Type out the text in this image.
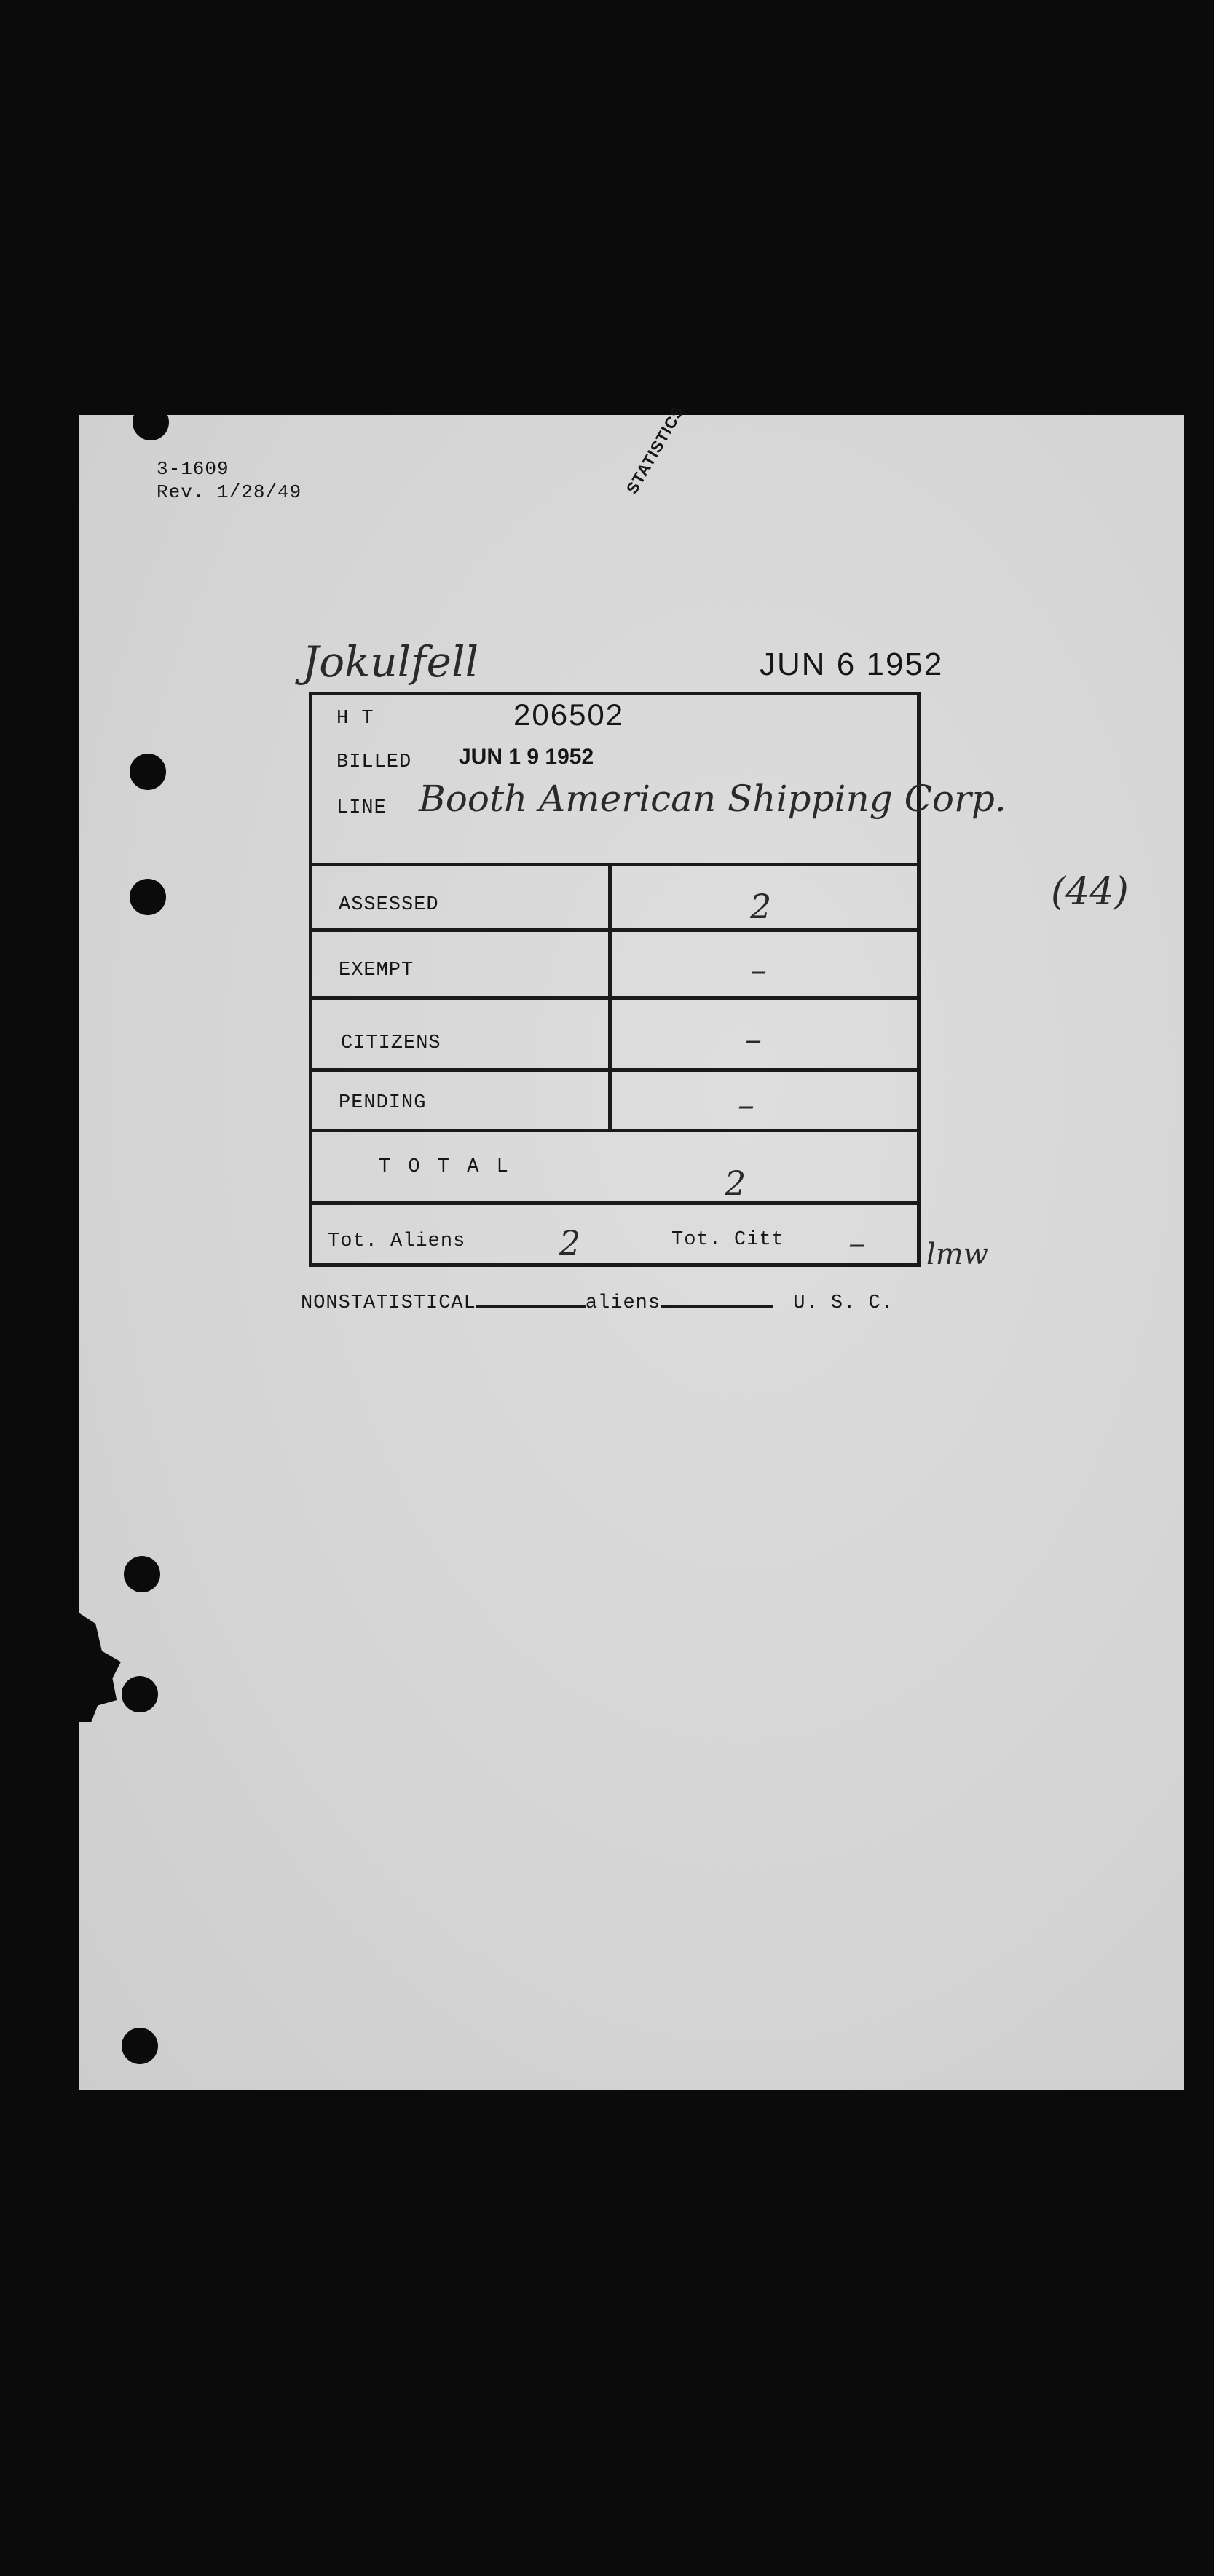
3-1609
Rev. 1/28/49	STATISTICS
Jokulfell	JUN 6 1952
H T	206502
BILLED JUN 1 9 1952
LINE Booth American Shipping Corp.
ASSESSED	2
EXEMPT	–
CITIZENS	–
PENDING	–
T O T A L	2
Tot. Aliens	2	Tot. Citt – lmw
NONSTATISTICAL	aliens	U. S. C.
(44)
